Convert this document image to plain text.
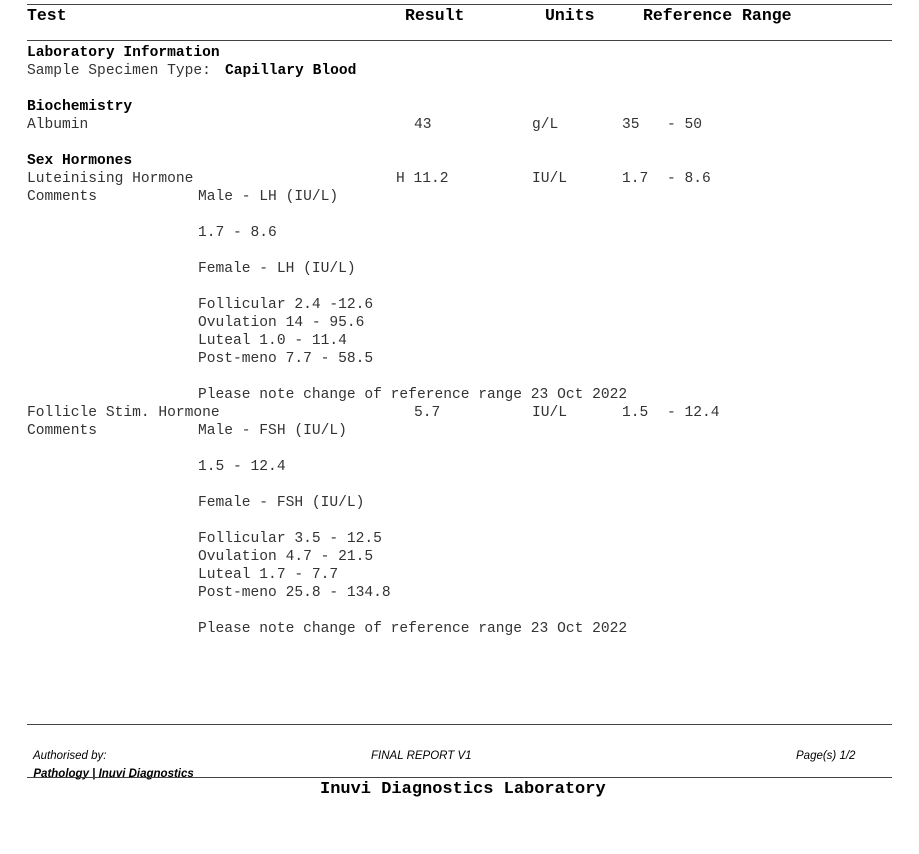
Test	Result	Units	Reference Range
Laboratory Information
Sample Specimen Type: Capillary Blood
Biochemistry
Albumin	43	g/L	35 - 50
Sex Hormones
Luteinising Hormone	H 11.2	IU/L	1.7 - 8.6
Comments	Male - LH (IU/L)
1.7 - 8.6
Female - LH (IU/L)
Follicular 2.4 -12.6
Ovulation 14 - 95.6
Luteal 1.0 - 11.4
Post-meno 7.7 - 58.5
Please note change of reference range 23 Oct 2022
Follicle Stim. Hormone	5.7	IU/L	1.5 - 12.4
Comments	Male - FSH (IU/L)
1.5 - 12.4
Female - FSH (IU/L)
Follicular 3.5 - 12.5
Ovulation 4.7 - 21.5
Luteal 1.7 - 7.7
Post-meno 25.8 - 134.8
Please note change of reference range 23 Oct 2022

Authorised by:
Pathology | Inuvi Diagnostics

FINAL REPORT V1	Page(s) 1/2
Inuvi Diagnostics Laboratory
